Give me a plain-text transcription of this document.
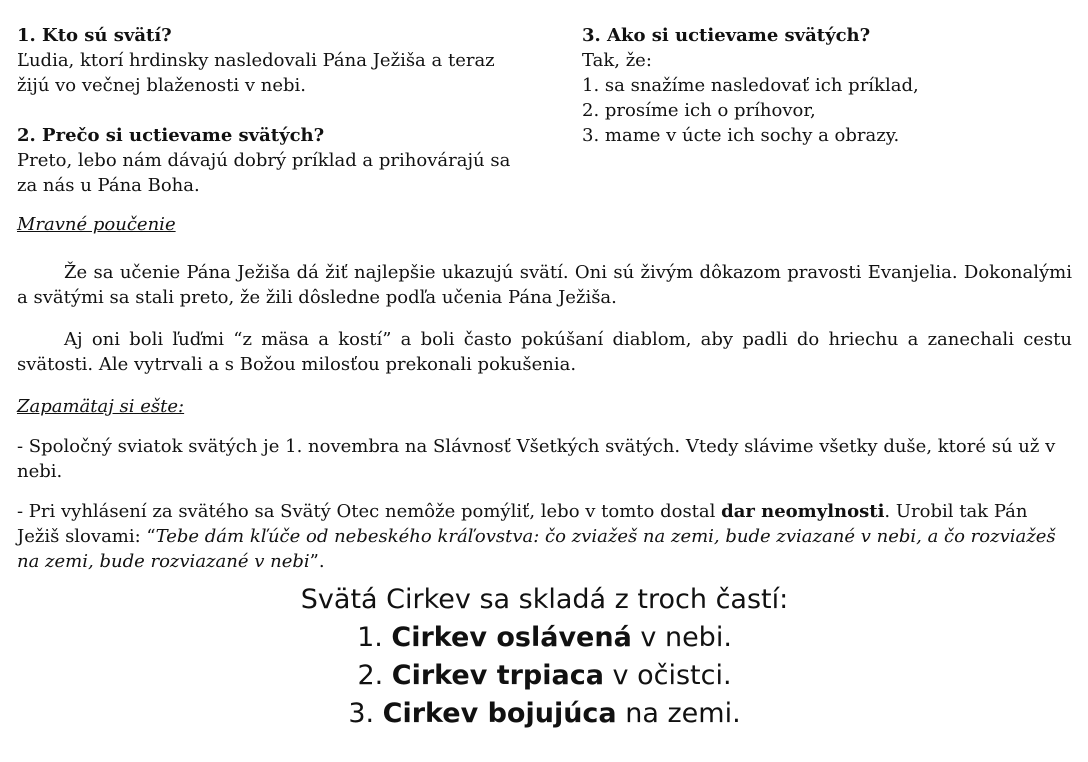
1. Kto sú svätí?
Ľudia, ktorí hrdinsky nasledovali Pána Ježiša a teraz
žijú vo večnej blaženosti v nebi.
2. Prečo si uctievame svätých?
Preto, lebo nám dávajú dobrý príklad a prihovárajú sa
za nás u Pána Boha.
3. Ako si uctievame svätých?
Tak, že:
1. sa snažíme nasledovať ich príklad,
2. prosíme ich o príhovor,
3. mame v úcte ich sochy a obrazy.
Mravné poučenie
Že sa učenie Pána Ježiša dá žiť najlepšie ukazujú svätí. Oni sú živým dôkazom pravosti Evanjelia. Dokonalými a svätými sa stali preto, že žili dôsledne podľa učenia Pána Ježiša.
Aj oni boli ľuďmi “z mäsa a kostí” a boli často pokúšaní diablom, aby padli do hriechu a zanechali cestu svätosti. Ale vytrvali a s Božou milosťou prekonali pokušenia.
Zapamätaj si ešte:
- Spoločný sviatok svätých je 1. novembra na Slávnosť Všetkých svätých. Vtedy slávime všetky duše, ktoré sú už v nebi.
- Pri vyhlásení za svätého sa Svätý Otec nemôže pomýliť, lebo v tomto dostal dar neomylnosti. Urobil tak Pán Ježiš slovami: “Tebe dám kľúče od nebeského kráľovstva: čo zviažeš na zemi, bude zviazané v nebi, a čo rozviažeš na zemi, bude rozviazané v nebi”.
Svätá Cirkev sa skladá z troch častí:
1. Cirkev oslávená v nebi.
2. Cirkev trpiaca v očistci.
3. Cirkev bojujúca na zemi.
